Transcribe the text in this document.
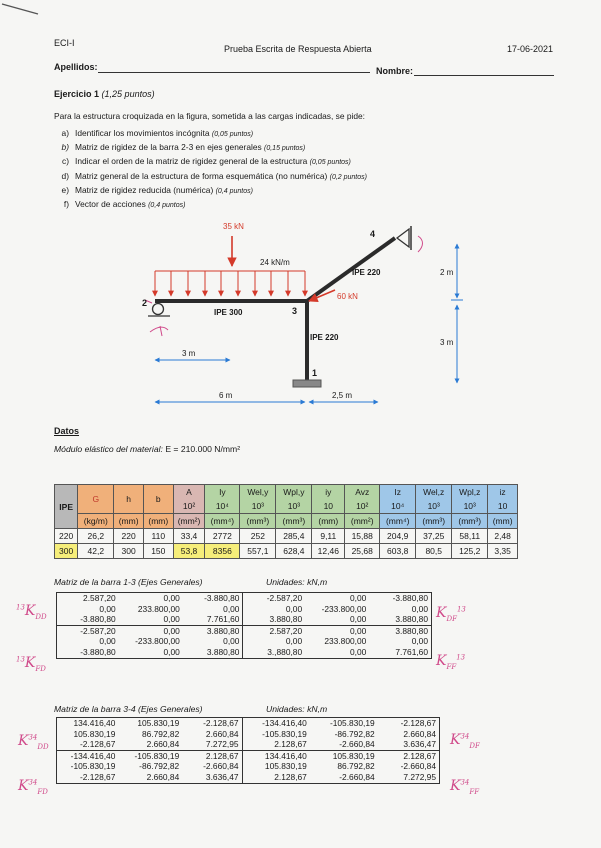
ECI-I
Prueba Escrita de Respuesta Abierta	17-06-2021
Apellidos:	Nombre:
Ejercicio 1 (1,25 puntos)
Para la estructura croquizada en la figura, sometida a las cargas indicadas, se pide:
a) Identificar los movimientos incógnita (0,05 puntos)
b) Matriz de rigidez de la barra 2-3 en ejes generales (0,15 puntos)
c) Indicar el orden de la matriz de rigidez general de la estructura (0,05 puntos)
d) Matriz general de la estructura de forma esquemática (no numérica) (0,2 puntos)
e) Matriz de rigidez reducida (numérica) (0,4 puntos)
f) Vector de acciones (0,4 puntos)
35 kN
24 kN/m
60 kN
IPE 300
IPE 220
IPE 220
2
3
4
1
3 m
6 m	2,5 m
2 m
3 m
Datos
Módulo elástico del material: E = 210.000 N/mm²
IPE	G	h	b	A	Iy	Wel,y	Wpl,y	iy	Avz	Iz	Wel,z	Wpl,z	iz
				10²	10⁴	10³	10³	10	10²	10⁴	10³	10³	10
	(kg/m)	(mm)	(mm)	(mm²)	(mm⁴)	(mm³)	(mm³)	(mm)	(mm²)	(mm⁴)	(mm³)	(mm³)	(mm)
220	26,2	220	110	33,4	2772	252	285,4	9,11	15,88	204,9	37,25	58,11	2,48
300	42,2	300	150	53,8	8356	557,1	628,4	12,46	25,68	603,8	80,5	125,2	3,35
Matriz de la barra 1-3 (Ejes Generales)	Unidades: kN,m
2.587,20	0,00	-3.880,80	-2.587,20	0,00	-3.880,80
0,00	233.800,00	0,00	0,00	-233.800,00	0,00
-3.880,80	0,00	7.761,60	3.880,80	0,00	3.880,80
-2.587,20	0,00	3.880,80	2.587,20	0,00	3.880,80
0,00	-233.800,00	0,00	0,00	233.800,00	0,00
-3.880,80	0,00	3.880,80	3.,880,80	0,00	7.761,60
Matriz de la barra 3-4 (Ejes Generales)	Unidades: kN,m
134.416,40	105.830,19	-2.128,67	-134.416,40	-105.830,19	-2.128,67
105.830,19	86.792,82	2.660,84	-105.830,19	-86.792,82	2.660,84
-2.128,67	2.660,84	7.272,95	2.128,67	-2.660,84	3.636,47
-134.416,40	-105.830,19	2.128,67	134.416,40	105.830,19	2.128,67
-105.830,19	-86.792,82	-2.660,84	105.830,19	86.792,82	-2.660,84
-2.128,67	2.660,84	3.636,47	2.128,67	-2.660,84	7.272,95
$^{13}K_{DD}$
$^{13}K_{FD}$
$K_{DF}^{13}$
$K_{FF}^{13}$
$K^{34}_{DD}$
$K^{34}_{FD}$
$K^{34}_{DF}$
$K^{34}_{FF}$
